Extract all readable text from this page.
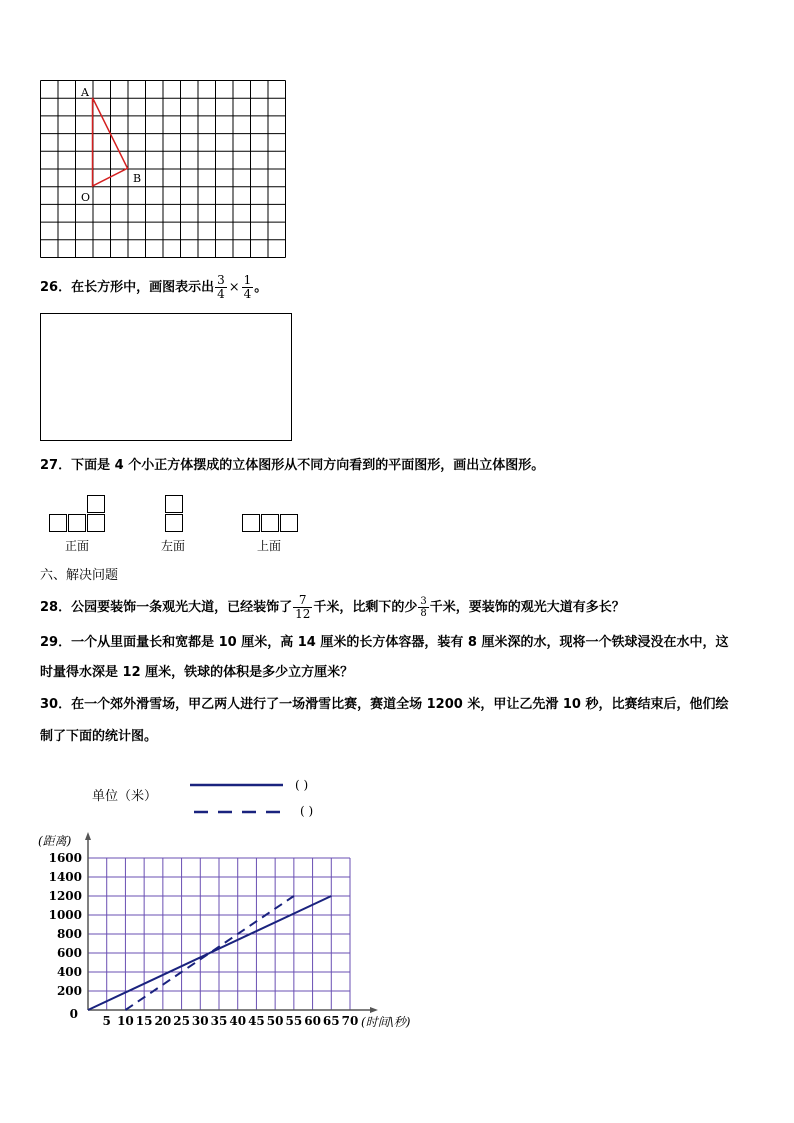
A
B
O
26．在长方形中，画图表示出 $\frac{3}{4} \times \frac{1}{4}$ 。
27．下面是 4 个小正方体摆成的立体图形从不同方向看到的平面图形，画出立体图形。
正面	左面	上面
六、解决问题
28．公园要装饰一条观光大道，已经装饰了 $\frac{7}{12}$ 千米，比剩下的少 $\frac{3}{8}$ 千米，要装饰的观光大道有多长？
29．一个从里面量长和宽都是 10 厘米，高 14 厘米的长方体容器，装有 8 厘米深的水，现将一个铁球浸没在水中，这
时量得水深是 12 厘米，铁球的体积是多少立方厘米？
30．在一个郊外滑雪场，甲乙两人进行了一场滑雪比赛，赛道全场 1200 米，甲让乙先滑 10 秒，比赛结束后，他们绘
制了下面的统计图。
单位（米）
( )
( )
(距离)
(时间\秒)
0
200
400
600
800
1000
1200
1400
1600
5 10 15 20 25 30 35 40 45 50 55 60 65 70
